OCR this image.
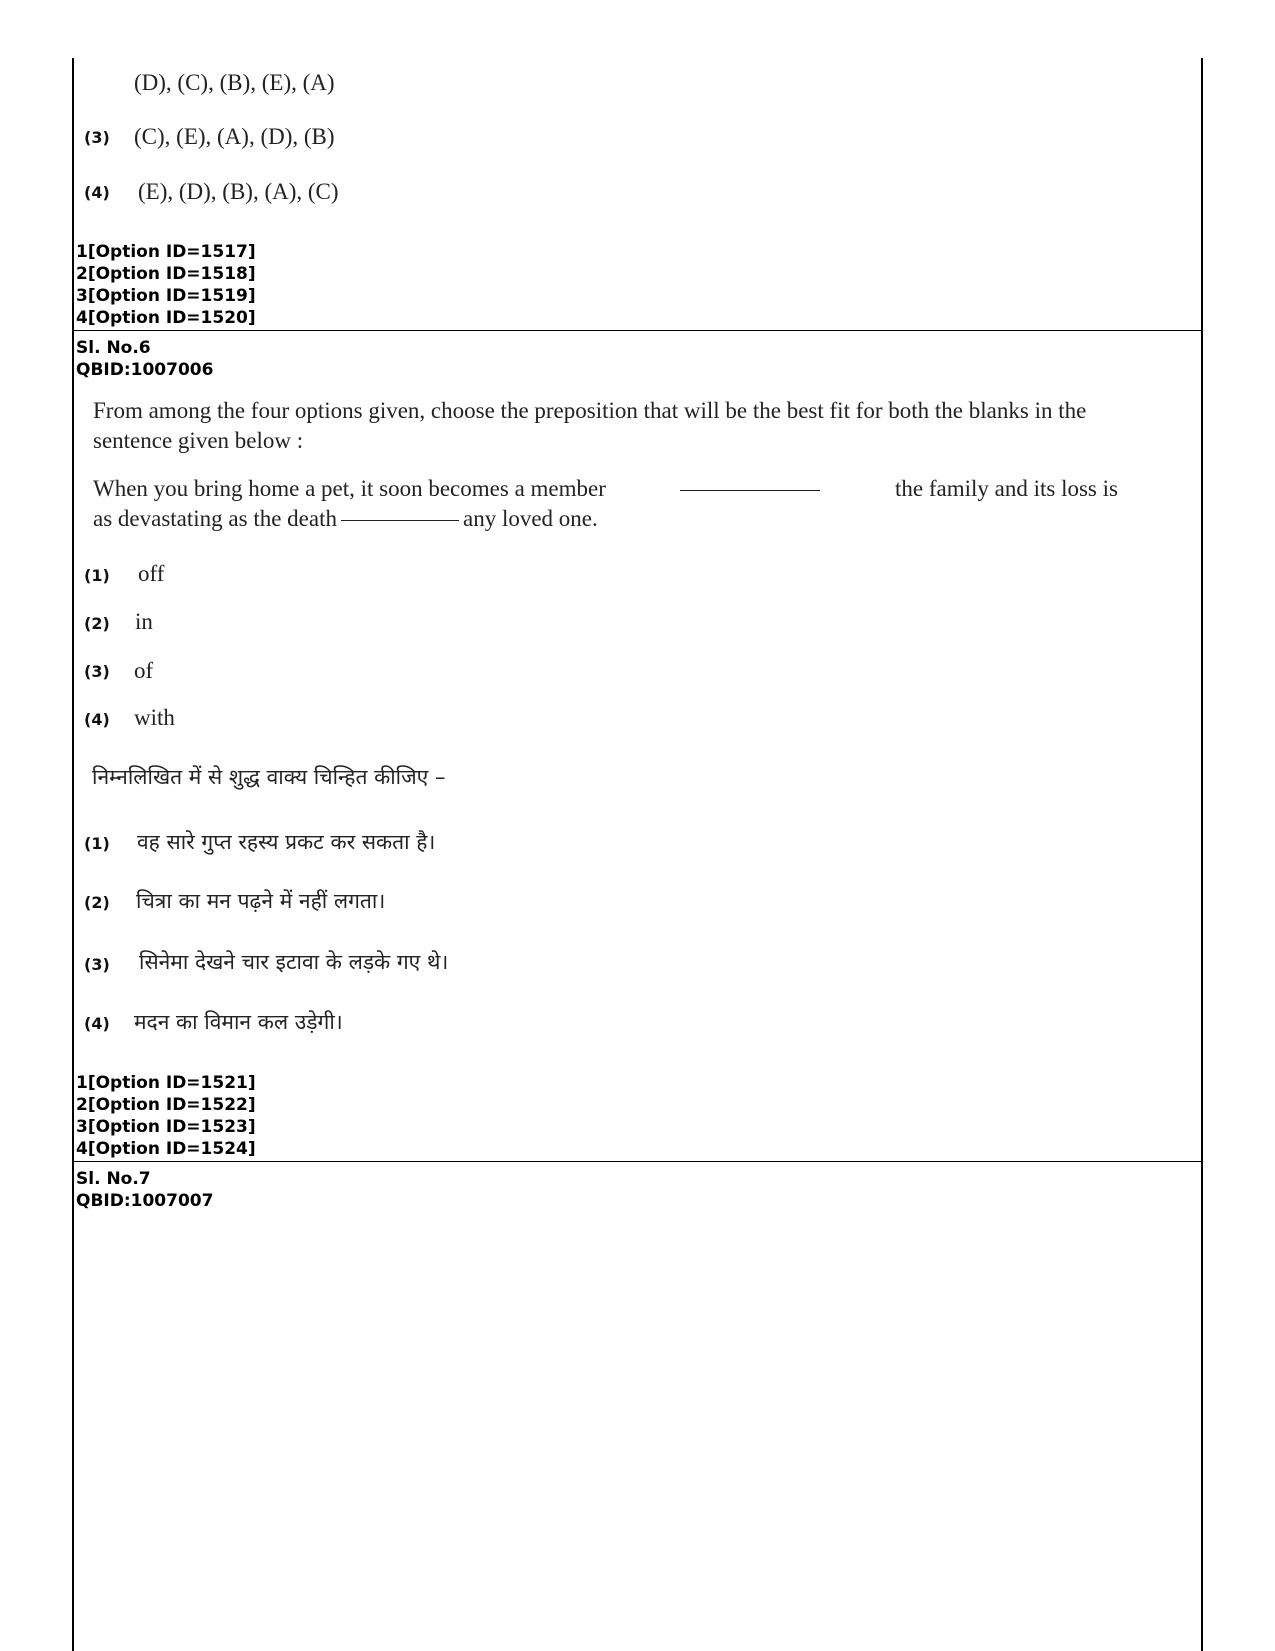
(D), (C), (B), (E), (A)
(3) (C), (E), (A), (D), (B)
(4) (E), (D), (B), (A), (C)
1[Option ID=1517]
2[Option ID=1518]
3[Option ID=1519]
4[Option ID=1520]
Sl. No.6
QBID:1007006
From among the four options given, choose the preposition that will be the best fit for both the blanks in the sentence given below :
When you bring home a pet, it soon becomes a member	the family and its loss is
as devastating as the death	any loved one.
(1) off
(2) in
(3) of
(4) with
निम्नलिखित में से शुद्ध वाक्य चिन्हित कीजिए –
(1) वह सारे गुप्त रहस्य प्रकट कर सकता है।
(2) चित्रा का मन पढ़ने में नहीं लगता।
(3) सिनेमा देखने चार इटावा के लड़के गए थे।
(4) मदन का विमान कल उड़ेगी।
1[Option ID=1521]
2[Option ID=1522]
3[Option ID=1523]
4[Option ID=1524]
Sl. No.7
QBID:1007007
